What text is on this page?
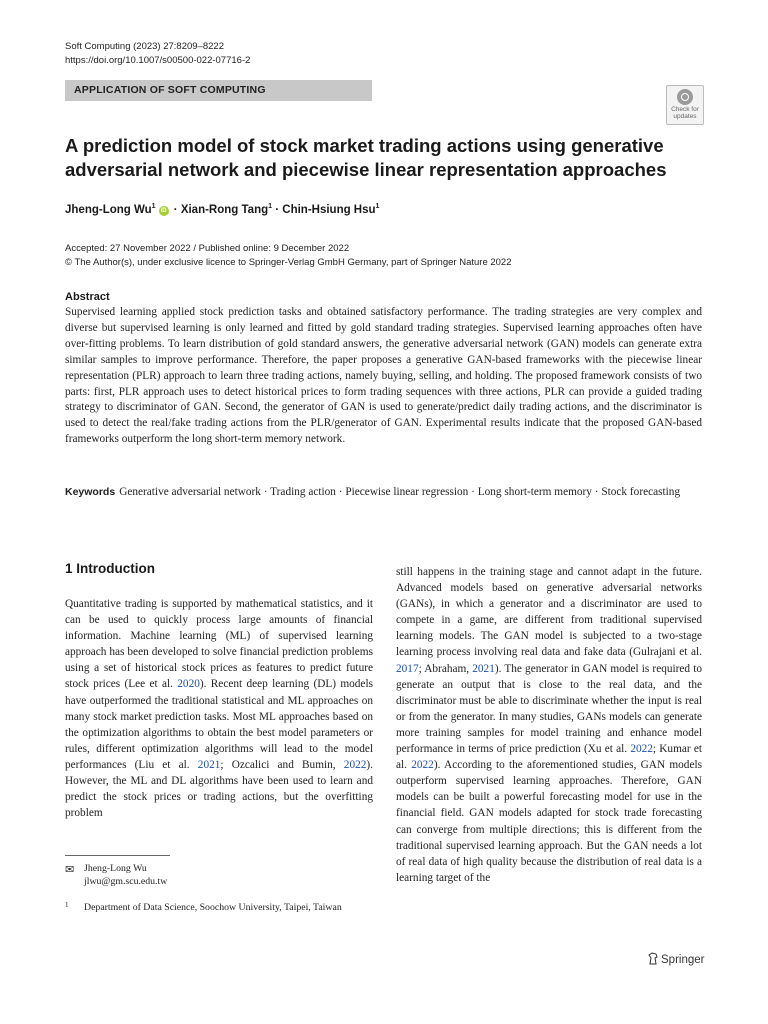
Soft Computing (2023) 27:8209–8222
https://doi.org/10.1007/s00500-022-07716-2
APPLICATION OF SOFT COMPUTING
Check for
updates
A prediction model of stock market trading actions using generative adversarial network and piecewise linear representation approaches
Jheng-Long $Wu^1iD$ · Xian-Rong Tang$^1$ · Chin-Hsiung Hsu$^1$
Accepted: 27 November 2022 / Published online: 9 December 2022
© The Author(s), under exclusive licence to Springer-Verlag GmbH Germany, part of Springer Nature 2022
Abstract
Supervised learning applied stock prediction tasks and obtained satisfactory performance. The trading strategies are very complex and diverse but supervised learning is only learned and fitted by gold standard trading strategies. Supervised learning approaches often have over-fitting problems. To learn distribution of gold standard answers, the generative adversarial network (GAN) models can generate extra similar samples to improve performance. Therefore, the paper proposes a generative GAN-based frameworks with the piecewise linear representation (PLR) approach to learn three trading actions, namely buying, selling, and holding. The proposed framework consists of two parts: first, PLR approach uses to detect historical prices to form trading sequences with three actions, PLR can provide a guided trading strategy to discriminator of GAN. Second, the generator of GAN is used to generate/predict daily trading actions, and the discriminator is used to detect the real/fake trading actions from the PLR/generator of GAN. Experimental results indicate that the proposed GAN-based frameworks outperform the long short-term memory network.
Keywords Generative adversarial network · Trading action · Piecewise linear regression · Long short-term memory · Stock forecasting
1 Introduction
Quantitative trading is supported by mathematical statistics, and it can be used to quickly process large amounts of financial information. Machine learning (ML) of supervised learning approach has been developed to solve financial prediction problems using a set of historical stock prices as features to predict future stock prices (Lee et al. 2020). Recent deep learning (DL) models have outperformed the traditional statistical and ML approaches on many stock market prediction tasks. Most ML approaches based on the optimization algorithms to obtain the best model parameters or rules, different optimization algorithms will lead to the model performances (Liu et al. 2021; Ozcalici and Bumin, 2022). However, the ML and DL algorithms have been used to learn and predict the stock prices or trading actions, but the overfitting problem
still happens in the training stage and cannot adapt in the future. Advanced models based on generative adversarial networks (GANs), in which a generator and a discriminator are used to compete in a game, are different from traditional supervised learning models. The GAN model is subjected to a two-stage learning process involving real data and fake data (Gulrajani et al. 2017; Abraham, 2021). The generator in GAN model is required to generate an output that is close to the real data, and the discriminator must be able to discriminate whether the input is real or from the generator. In many studies, GANs models can generate more training samples for model training and enhance model performance in terms of price prediction (Xu et al. 2022; Kumar et al. 2022). According to the aforementioned studies, GAN models outperform supervised learning approaches. Therefore, GAN models can be built a powerful forecasting model for use in the financial field. GAN models adapted for stock trade forecasting can converge from multiple directions; this is different from the traditional supervised learning approach. But the GAN needs a lot of real data of high quality because the distribution of real data is a learning target of the
✉ Jheng-Long Wu
jlwu@gm.scu.edu.tw
1 Department of Data Science, Soochow University, Taipei, Taiwan
Springer
